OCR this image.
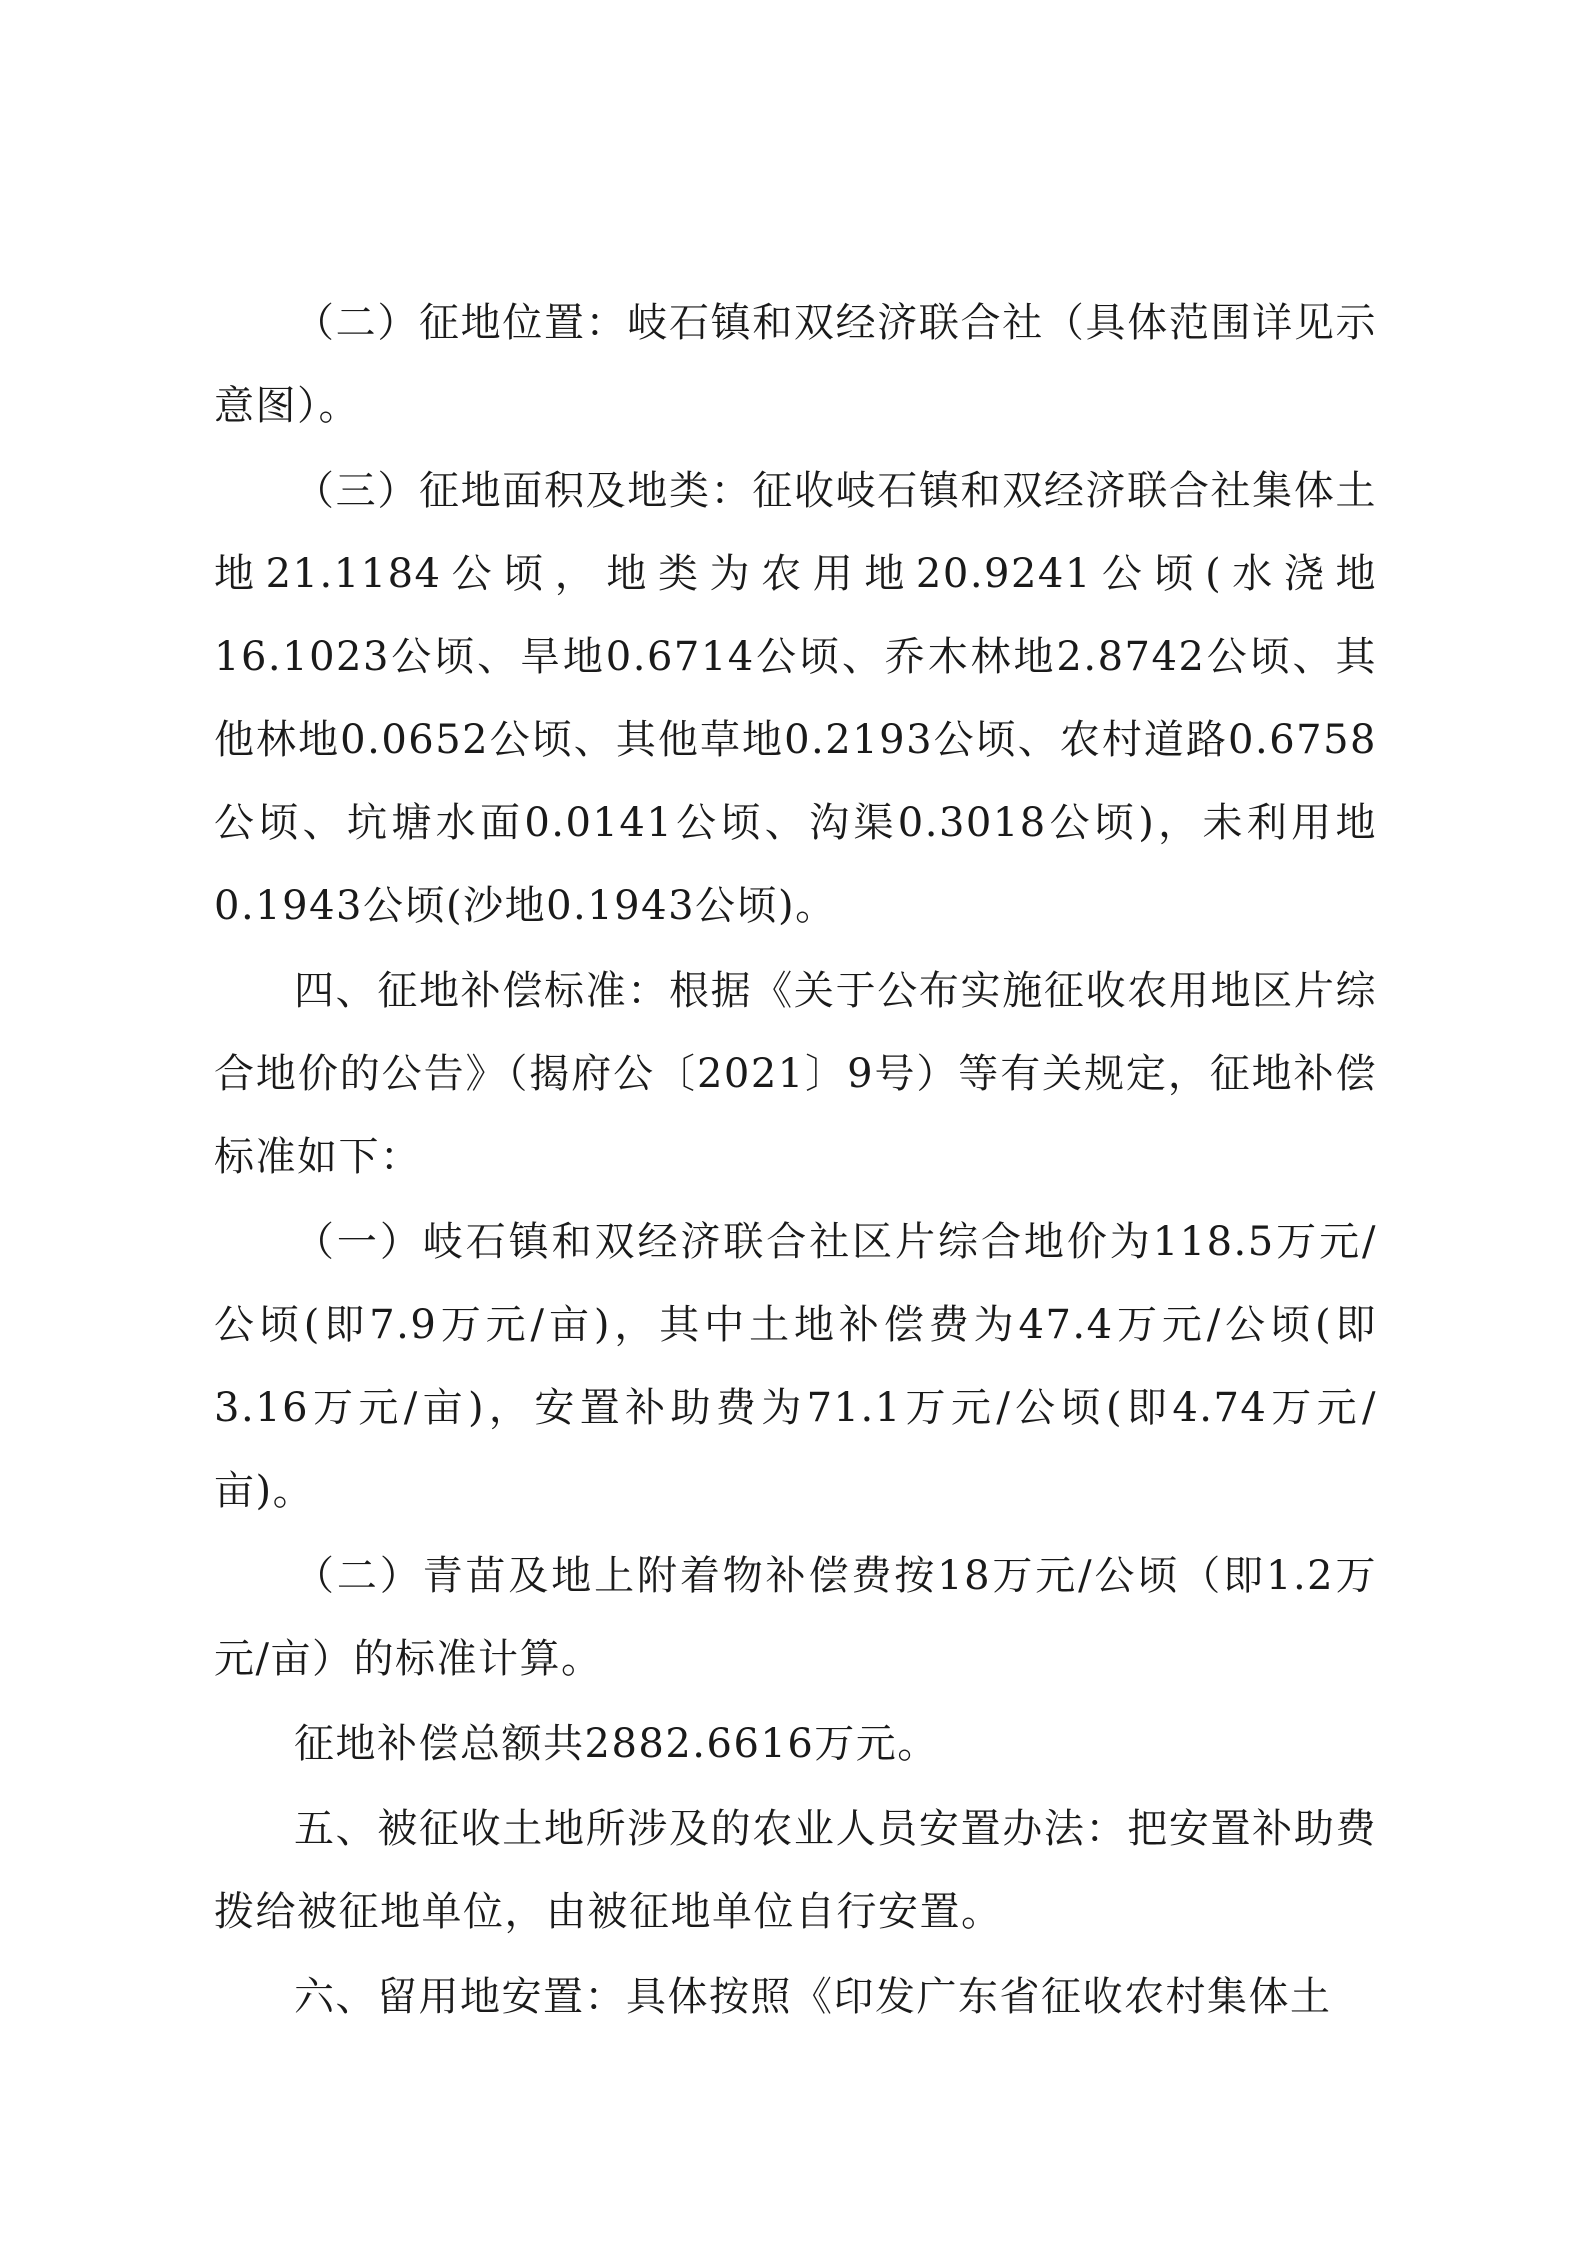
（二）征地位置：岐石镇和双经济联合社（具体范围详见示意图）。

（三）征地面积及地类：征收岐石镇和双经济联合社集体土地21.1184公顷，地类为农用地20.9241公顷(水浇地16.1023公顷、旱地0.6714公顷、乔木林地2.8742公顷、其他林地0.0652公顷、其他草地0.2193公顷、农村道路0.6758公顷、坑塘水面0.0141公顷、沟渠0.3018公顷)，未利用地0.1943公顷(沙地0.1943公顷)。

四、征地补偿标准：根据《关于公布实施征收农用地区片综合地价的公告》（揭府公〔2021〕9号）等有关规定，征地补偿标准如下：

（一）岐石镇和双经济联合社区片综合地价为118.5万元/公顷(即7.9万元/亩)，其中土地补偿费为47.4万元/公顷(即3.16万元/亩)，安置补助费为71.1万元/公顷(即4.74万元/亩)。

（二）青苗及地上附着物补偿费按18万元/公顷（即1.2万元/亩）的标准计算。

征地补偿总额共2882.6616万元。

五、被征收土地所涉及的农业人员安置办法：把安置补助费拨给被征地单位，由被征地单位自行安置。

六、留用地安置：具体按照《印发广东省征收农村集体土
